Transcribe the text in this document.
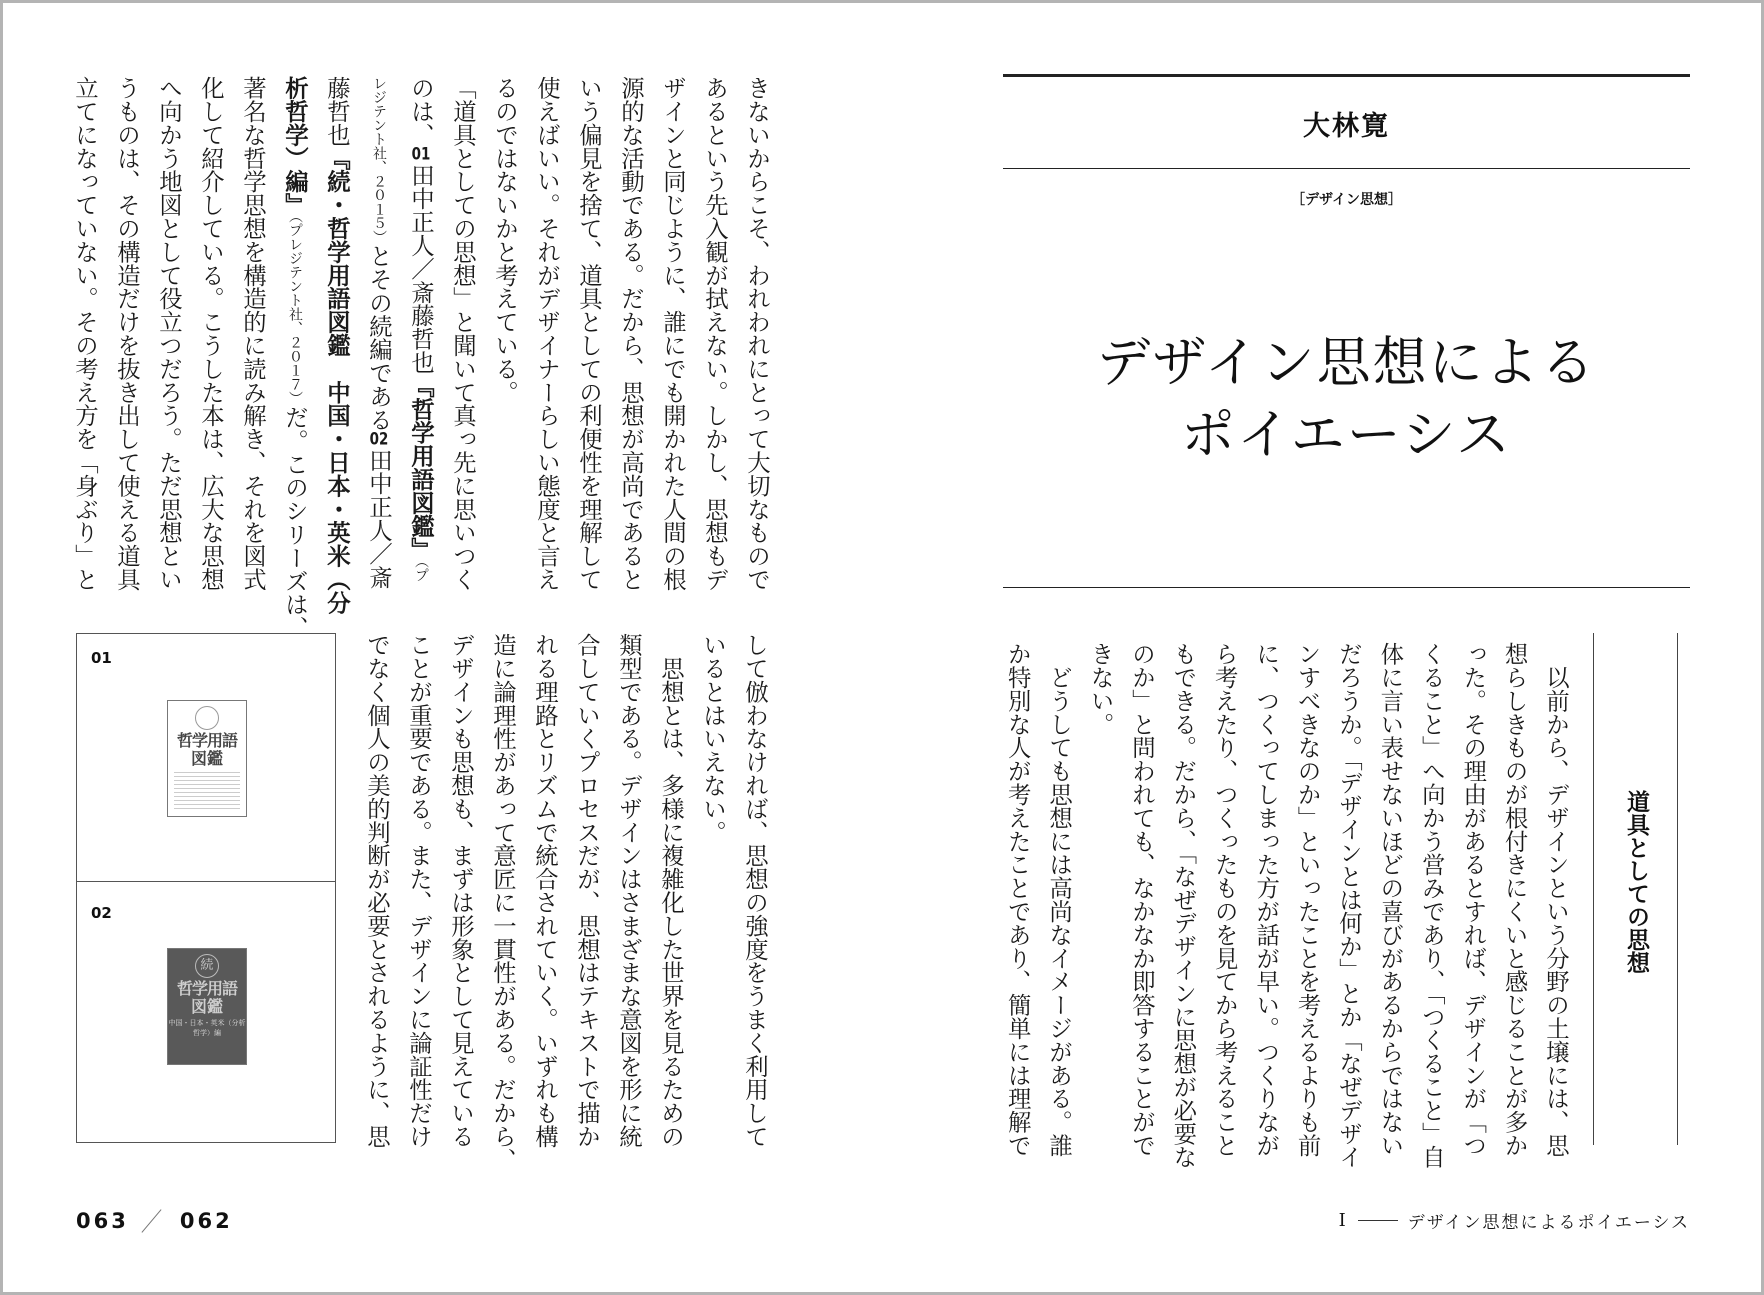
きないからこそ、われわれにとって大切なもので
あるという先入観が拭えない。しかし、思想もデ
ザインと同じように、誰にでも開かれた人間の根
源的な活動である。だから、思想が高尚であると
いう偏見を捨て、道具としての利便性を理解して
使えばいい。それがデザイナーらしい態度と言え
るのではないかと考えている。
「道具としての思想」と聞いて真っ先に思いつく
のは、01田中正人／斎藤哲也『哲学用語図鑑』（プ
レジテント社、２０１５）とその続編である02田中正人／斎
藤哲也『続・哲学用語図鑑　中国・日本・英米（分
析哲学）編』（プレジテント社、２０１７）だ。このシリーズは、
著名な哲学思想を構造的に読み解き、それを図式
化して紹介している。こうした本は、広大な思想
へ向かう地図として役立つだろう。ただ思想とい
うものは、その構造だけを抜き出して使える道具
立てになっていない。その考え方を「身ぶり」と
して倣わなければ、思想の強度をうまく利用して
いるとはいえない。
　思想とは、多様に複雑化した世界を見るための
類型である。デザインはさまざまな意図を形に統
合していくプロセスだが、思想はテキストで描か
れる理路とリズムで統合されていく。いずれも構
造に論理性があって意匠に一貫性がある。だから、
デザインも思想も、まずは形象として見えている
ことが重要である。また、デザインに論証性だけ
でなく個人の美的判断が必要とされるように、思
01
哲学用語
図鑑
02
続
哲学用語
図鑑
中国・日本・英米（分析哲学）編
063 062
大林寛
［デザイン思想］
デザイン思想による
ポイエーシス
道具としての思想
　以前から、デザインという分野の土壌には、思
想らしきものが根付きにくいと感じることが多か
った。その理由があるとすれば、デザインが「つ
くること」へ向かう営みであり、「つくること」自
体に言い表せないほどの喜びがあるからではない
だろうか。「デザインとは何か」とか「なぜデザイ
ンすべきなのか」といったことを考えるよりも前
に、つくってしまった方が話が早い。つくりなが
ら考えたり、つくったものを見てから考えること
もできる。だから、「なぜデザインに思想が必要な
のか」と問われても、なかなか即答することがで
きない。
　どうしても思想には高尚なイメージがある。誰
か特別な人が考えたことであり、簡単には理解で
I	デザイン思想によるポイエーシス
